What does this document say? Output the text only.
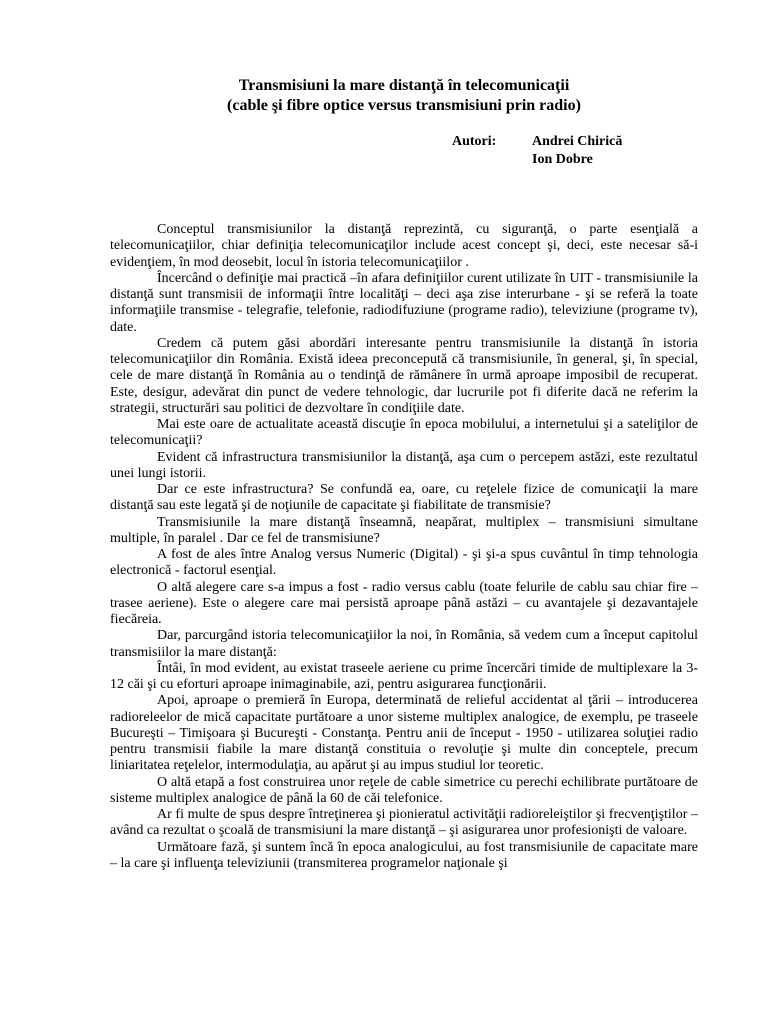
Transmisiuni la mare distanţă în telecomunicaţii
(cable şi fibre optice versus transmisiuni prin radio)
Autori:	Andrei Chirică
Ion Dobre

Conceptul transmisiunilor la distanţă reprezintă, cu siguranţă, o parte esenţială a telecomunicaţiilor, chiar definiţia telecomunicaţilor include acest concept şi, deci, este necesar să-i evidenţiem, în mod deosebit, locul în istoria telecomunicaţiilor .

Încercând o definiţie mai practică –în afara definiţiilor curent utilizate în UIT - transmisiunile la distanţă sunt transmisii de informaţii între localităţi – deci aşa zise interurbane - şi se referă la toate informaţiile transmise - telegrafie, telefonie, radiodifuziune (programe radio), televiziune (programe tv), date.

Credem că putem găsi abordări interesante pentru transmisiunile la distanţă în istoria telecomunicaţiilor din România. Există ideea preconcepută că transmisiunile, în general, şi, în special, cele de mare distanţă în România au o tendinţă de rămânere în urmă aproape imposibil de recuperat. Este, desigur, adevărat din punct de vedere tehnologic, dar lucrurile pot fi diferite dacă ne referim la strategii, structurări sau politici de dezvoltare în condiţiile date.

Mai este oare de actualitate această discuţie în epoca mobilului, a internetului şi a sateliţilor de telecomunicaţii?

Evident că infrastructura transmisiunilor la distanţă, aşa cum o percepem astăzi, este rezultatul unei lungi istorii.

Dar ce este infrastructura? Se confundă ea, oare, cu reţelele fizice de comunicaţii la mare distanţă sau este legată şi de noţiunile de capacitate şi fiabilitate de transmisie?

Transmisiunile la mare distanţă înseamnă, neapărat, multiplex – transmisiuni simultane multiple, în paralel . Dar ce fel de transmisiune?

A fost de ales între Analog versus Numeric (Digital) - şi şi-a spus cuvântul în timp tehnologia electronică - factorul esenţial.

O altă alegere care s-a impus a fost - radio versus cablu (toate felurile de cablu sau chiar fire – trasee aeriene). Este o alegere care mai persistă aproape până astăzi – cu avantajele şi dezavantajele fiecăreia.

Dar, parcurgând istoria telecomunicaţiilor la noi, în România, să vedem cum a început capitolul transmisiilor la mare distanţă:

Întâi, în mod evident, au existat traseele aeriene cu prime încercări timide de multiplexare la 3-12 căi şi cu eforturi aproape inimaginabile, azi, pentru asigurarea funcţionării.

Apoi, aproape o premieră în Europa, determinată de relieful accidentat al ţării – introducerea radioreleelor de mică capacitate purtătoare a unor sisteme multiplex analogice, de exemplu, pe traseele Bucureşti – Timişoara şi Bucureşti - Constanţa. Pentru anii de început - 1950 - utilizarea soluţiei radio pentru transmisii fiabile la mare distanţă constituia o revoluţie şi multe din conceptele, precum liniaritatea reţelelor, intermodulaţia, au apărut şi au impus studiul lor teoretic.

O altă etapă a fost construirea unor reţele de cable simetrice cu perechi echilibrate purtătoare de sisteme multiplex analogice de până la 60 de căi telefonice.

Ar fi multe de spus despre întreţinerea şi pionieratul activităţii radioreleiştilor şi frecvenţiştilor – având ca rezultat o şcoală de transmisiuni la mare distanţă – şi asigurarea unor profesionişti de valoare.

Următoare fază, şi suntem încă în epoca analogicului, au fost transmisiunile de capacitate mare – la care şi influenţa televiziunii (transmiterea programelor naţionale şi
